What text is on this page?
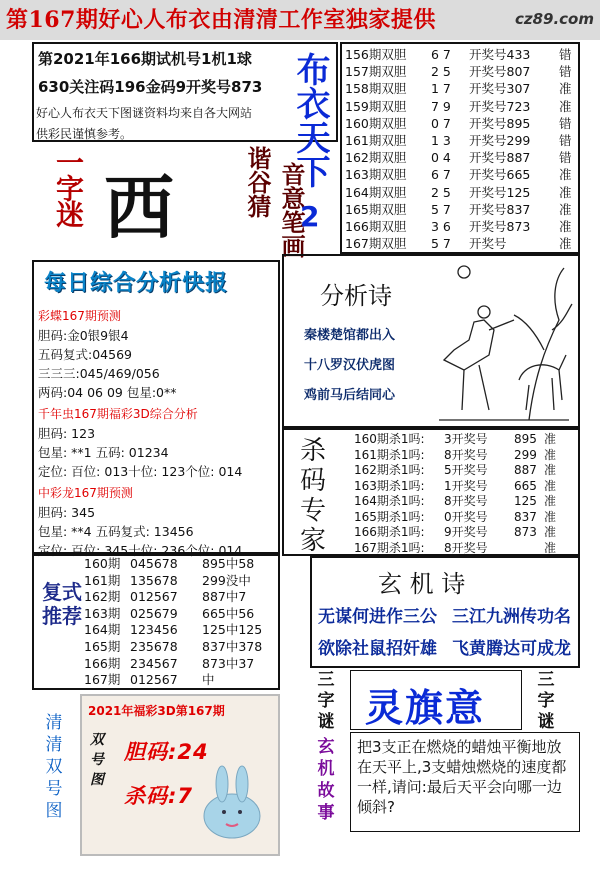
第167期好心人布衣由清清工作室独家提供	cz89.com
第2021年166期试机号1机1球
630关注码196金码9开奖号873
好心人布衣天下图谜资料均来自各大网站
供彩民谨慎参考。
一字迷 西	谐谷猜 音意笔画
布衣天下
2
156期双胆 6 7 开奖号433 错
157期双胆 2 5 开奖号807 错
158期双胆 1 7 开奖号307 准
159期双胆 7 9 开奖号723 准
160期双胆 0 7 开奖号895 错
161期双胆 1 3 开奖号299 错
162期双胆 0 4 开奖号887 错
163期双胆 6 7 开奖号665 准
164期双胆 2 5 开奖号125 准
165期双胆 5 7 开奖号837 准
166期双胆 3 6 开奖号873 准
167期双胆 5 7 开奖号	准
每日综合分析快报
彩蝶167期预测
胆码:金0银9银4
五码复式:04569
三三三:045/469/056
两码:04 06 09 包星:0**
千年虫167期福彩3D综合分析
胆码: 123
包星: **1 五码: 01234
定位: 百位: 013十位: 123个位: 014
中彩龙167期预测
胆码: 345
包星: **4 五码复式: 13456
定位: 百位: 345十位: 236个位: 014
分析诗
秦楼楚馆都出入
十八罗汉伏虎图
鸡前马后结同心
杀码专家
160期杀1吗: 3开奖号 895 准
161期杀1吗: 8开奖号 299 准
162期杀1吗: 5开奖号 887 准
163期杀1吗: 1开奖号 665 准
164期杀1吗: 8开奖号 125 准
165期杀1吗: 0开奖号 837 准
166期杀1吗: 9开奖号 873 准
167期杀1吗: 8开奖号	准
复式推荐
160期 045678 895中58
161期 135678 299没中
162期 012567 887中7
163期 025679 665中56
164期 123456 125中125
165期 235678 837中378
166期 234567 873中37
167期 012567 中
玄 机 诗
无谋何进作三公 三江九洲传功名
欲除社鼠招奸雄 飞黄腾达可成龙
清清双号图
2021年福彩3D第167期
双号图
胆码:24
杀码:7
三字谜 灵旗意
三字谜
玄机故事
把3支正在燃烧的蜡烛平衡地放在天平上,3支蜡烛燃烧的速度都一样,请问:最后天平会向哪一边倾斜?
